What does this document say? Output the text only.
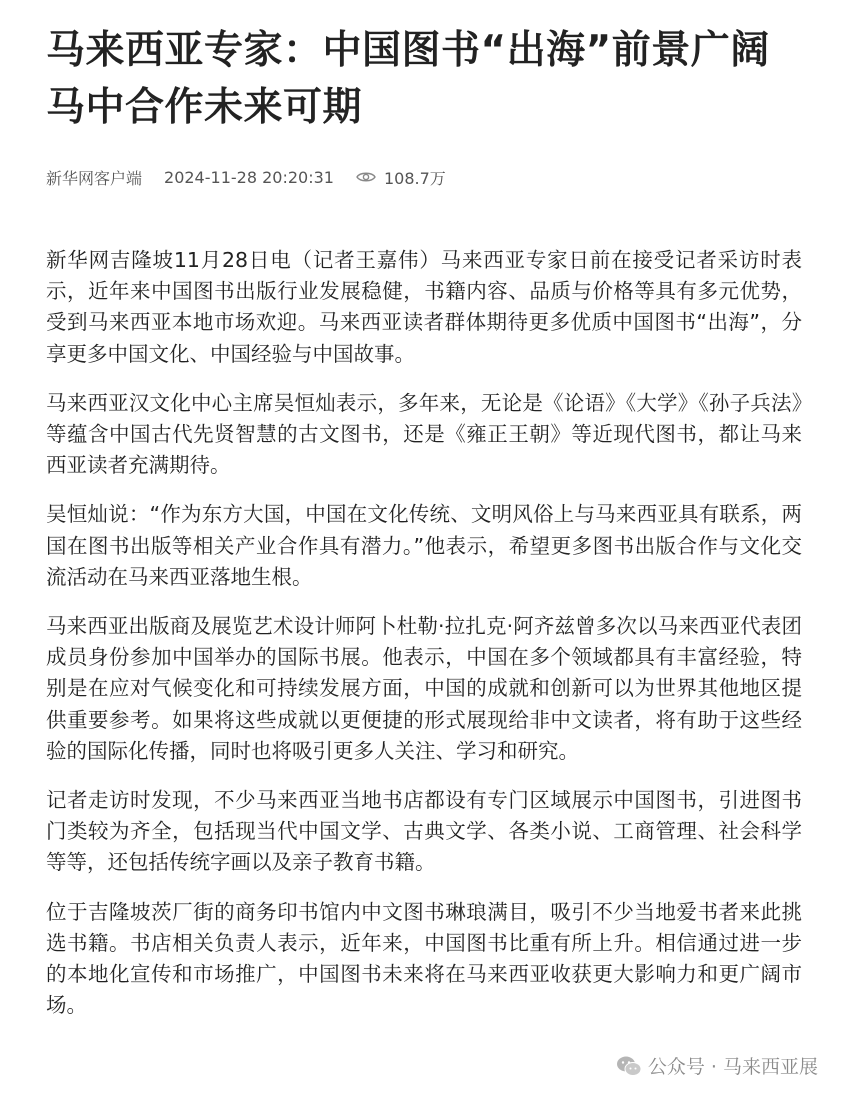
马来西亚专家：中国图书“出海”前景广阔 马中合作未来可期
新华网客户端 2024-11-28 20:20:31	108.7万

新华网吉隆坡11月28日电（记者王嘉伟）马来西亚专家日前在接受记者采访时表示，近年来中国图书出版行业发展稳健，书籍内容、品质与价格等具有多元优势，受到马来西亚本地市场欢迎。马来西亚读者群体期待更多优质中国图书“出海”，分享更多中国文化、中国经验与中国故事。

马来西亚汉文化中心主席吴恒灿表示，多年来，无论是《论语》《大学》《孙子兵法》等蕴含中国古代先贤智慧的古文图书，还是《雍正王朝》等近现代图书，都让马来西亚读者充满期待。

吴恒灿说：“作为东方大国，中国在文化传统、文明风俗上与马来西亚具有联系，两国在图书出版等相关产业合作具有潜力。”他表示，希望更多图书出版合作与文化交流活动在马来西亚落地生根。

马来西亚出版商及展览艺术设计师阿卜杜勒·拉扎克·阿齐兹曾多次以马来西亚代表团成员身份参加中国举办的国际书展。他表示，中国在多个领域都具有丰富经验，特别是在应对气候变化和可持续发展方面，中国的成就和创新可以为世界其他地区提供重要参考。如果将这些成就以更便捷的形式展现给非中文读者，将有助于这些经验的国际化传播，同时也将吸引更多人关注、学习和研究。

记者走访时发现，不少马来西亚当地书店都设有专门区域展示中国图书，引进图书门类较为齐全，包括现当代中国文学、古典文学、各类小说、工商管理、社会科学等等，还包括传统字画以及亲子教育书籍。

位于吉隆坡茨厂街的商务印书馆内中文图书琳琅满目，吸引不少当地爱书者来此挑选书籍。书店相关负责人表示，近年来，中国图书比重有所上升。相信通过进一步的本地化宣传和市场推广，中国图书未来将在马来西亚收获更大影响力和更广阔市场。

公众号 · 马来西亚展
